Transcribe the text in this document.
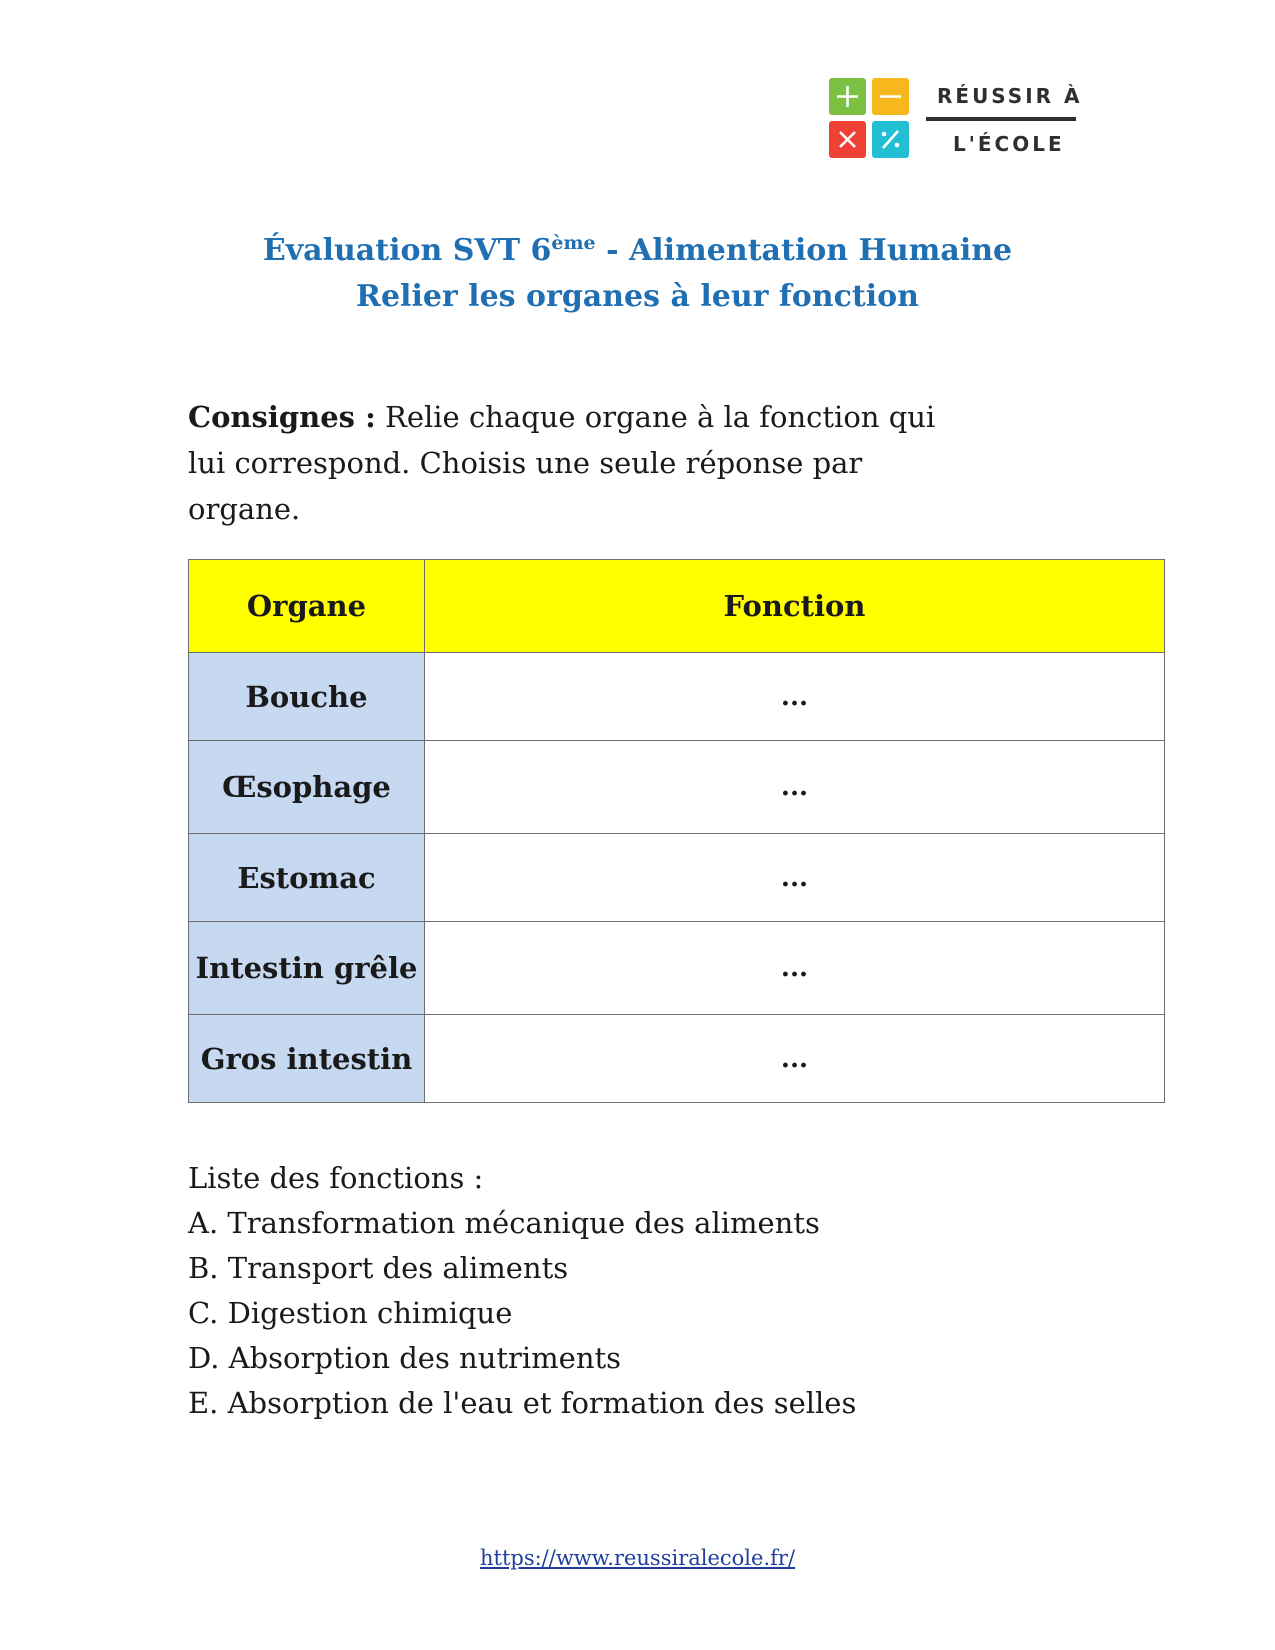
RÉUSSIR À
L'ÉCOLE
Évaluation SVT 6ème - Alimentation Humaine
Relier les organes à leur fonction
Consignes : Relie chaque organe à la fonction qui lui correspond. Choisis une seule réponse par organe.
Organe	Fonction
Bouche	...
Œsophage	...
Estomac	...
Intestin grêle	...
Gros intestin	...
Liste des fonctions :
A. Transformation mécanique des aliments
B. Transport des aliments
C. Digestion chimique
D. Absorption des nutriments
E. Absorption de l'eau et formation des selles
https://www.reussiralecole.fr/
